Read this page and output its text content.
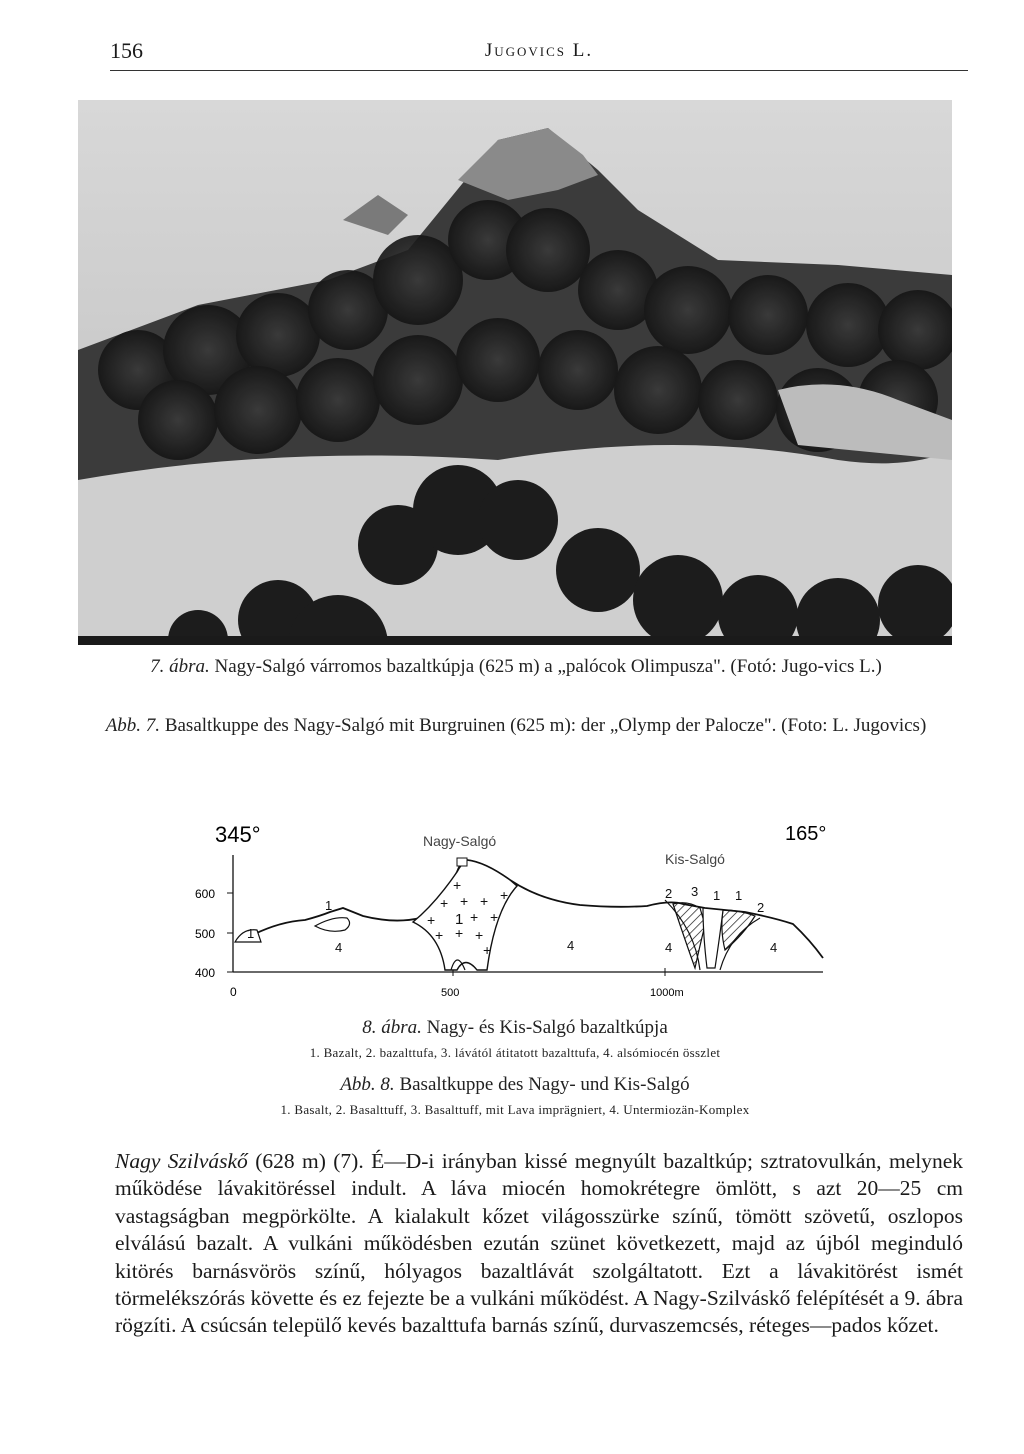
156	Jugovics L.
7. ábra. Nagy-Salgó várromos bazaltkúpja (625 m) a „palócok Olimpusza". (Fotó: Jugo-vics L.)
Abb. 7. Basaltkuppe des Nagy-Salgó mit Burgruinen (625 m): der „Olymp der Palocze". (Foto: L. Jugovics)
345°	165°
Nagy-Salgó
Kis-Salgó
600
500
400
0	500	1000m
+
+ + + +
+ + +
+ + +
+
1
1
1
1
2 3	1
2
4	4	4	4
8. ábra. Nagy- és Kis-Salgó bazaltkúpja
1. Bazalt, 2. bazalttufa, 3. lávától átitatott bazalttufa, 4. alsómiocén összlet
Abb. 8. Basaltkuppe des Nagy- und Kis-Salgó
1. Basalt, 2. Basalttuff, 3. Basalttuff, mit Lava imprägniert, 4. Untermiozän-Komplex
Nagy Szilváskő (628 m) (7). É—D-i irányban kissé megnyúlt bazaltkúp; sztratovulkán, melynek működése lávakitöréssel indult. A láva miocén homokrétegre ömlött, s azt 20—25 cm vastagságban megpörkölte. A kialakult kőzet világosszürke színű, tömött szövetű, oszlopos elválású bazalt. A vulkáni működésben ezután szünet következett, majd az újból meginduló kitörés barnásvörös színű, hólyagos bazaltlávát szolgáltatott. Ezt a lávakitörést ismét törmelékszórás követte és ez fejezte be a vulkáni működést. A Nagy-Szilváskő felépítését a 9. ábra rögzíti. A csúcsán települő kevés bazalttufa barnás színű, durvaszemcsés, réteges—pados kőzet.
